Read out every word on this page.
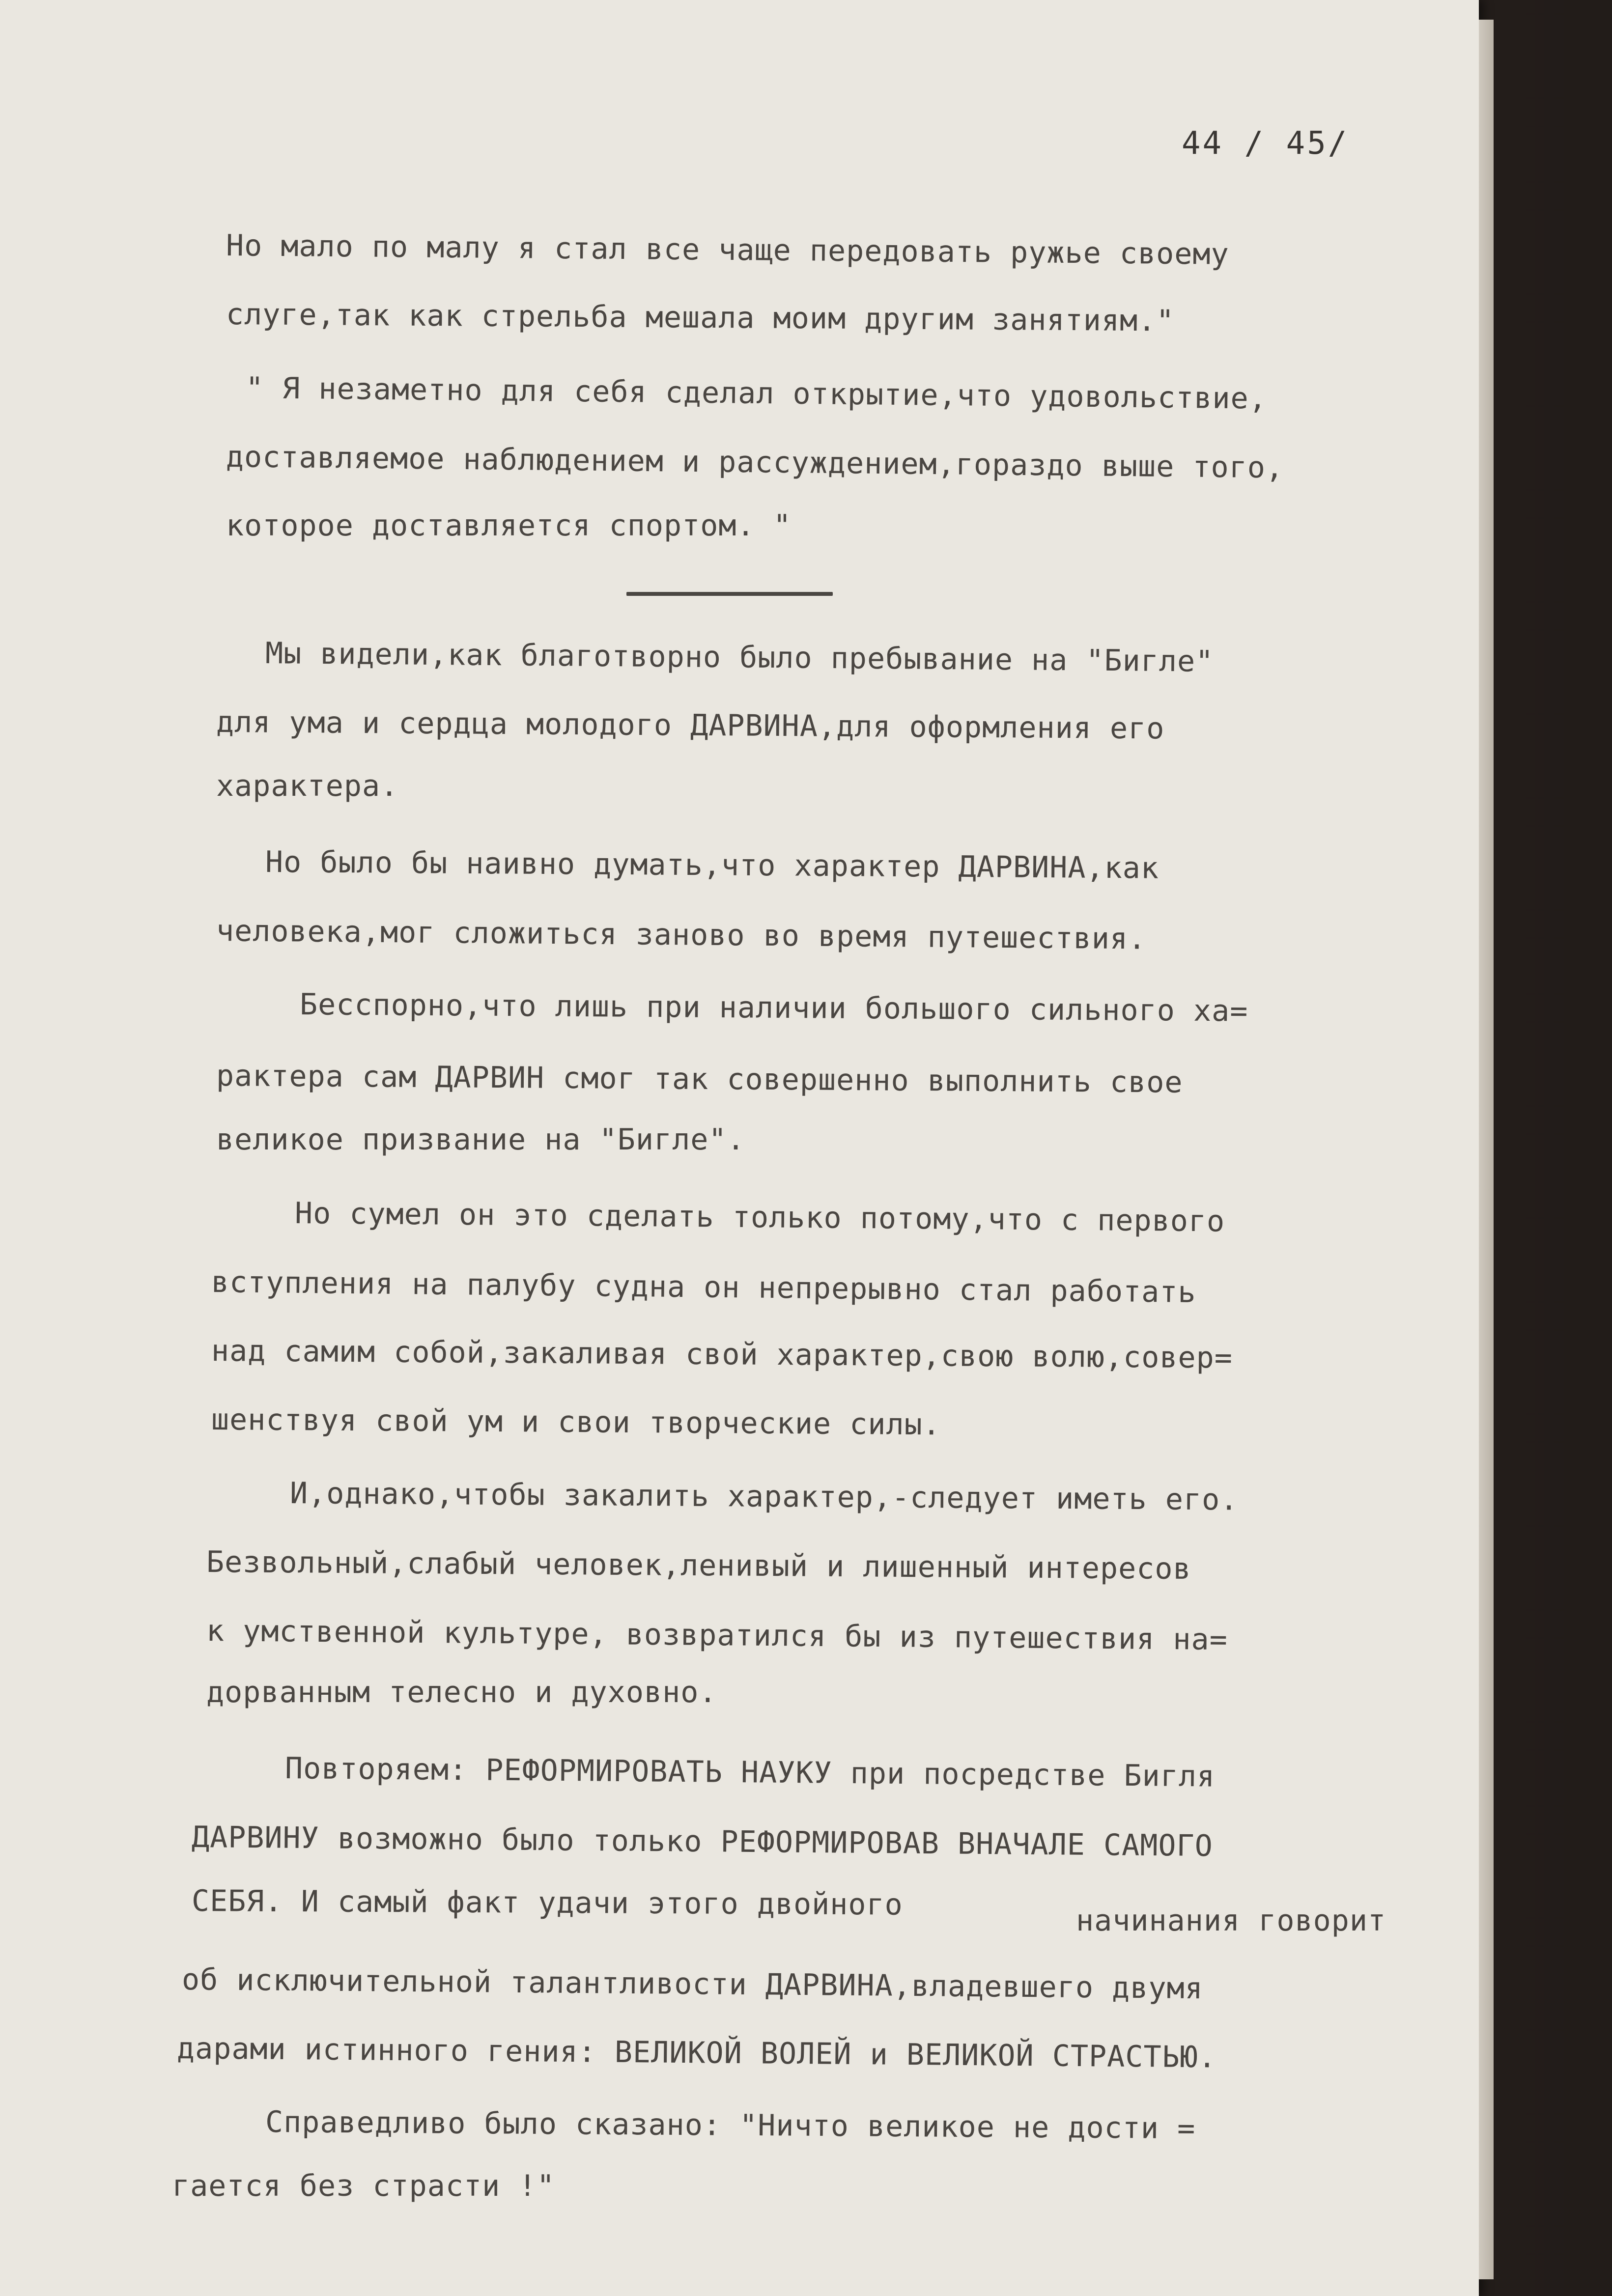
44 / 45/
Но мало по малу я стал все чаще передовать ружье своему
слуге,так как стрельба мешала моим другим занятиям."
" Я незаметно для себя сделал открытие,что удовольствие,
доставляемое наблюдением и рассуждением,гораздо выше того,
которое доставляется спортом. "
Мы видели,как благотворно было пребывание на "Бигле"
для ума и сердца молодого ДАРВИНА,для оформления его
характера.
Но было бы наивно думать,что характер ДАРВИНА,как
человека,мог сложиться заново во время путешествия.
Бесспорно,что лишь при наличии большого сильного ха=
рактера сам ДАРВИН смог так совершенно выполнить свое
великое призвание на "Бигле".
Но сумел он это сделать только потому,что с первого
вступления на палубу судна он непрерывно стал работать
над самим собой,закаливая свой характер,свою волю,совер=
шенствуя свой ум и свои творческие силы.
И,однако,чтобы закалить характер,-следует иметь его.
Безвольный,слабый человек,ленивый и лишенный интересов
к умственной культуре, возвратился бы из путешествия на=
дорванным телесно и духовно.
Повторяем: РЕФОРМИРОВАТЬ НАУКУ при посредстве Бигля
ДАРВИНУ возможно было только РЕФОРМИРОВАВ ВНАЧАЛЕ САМОГО
СЕБЯ. И самый факт удачи этого двойного	начинания говорит
об исключительной талантливости ДАРВИНА,владевшего двумя
дарами истинного гения: ВЕЛИКОЙ ВОЛЕЙ и ВЕЛИКОЙ СТРАСТЬЮ.
Справедливо было сказано: "Ничто великое не дости =
гается без страсти !"
